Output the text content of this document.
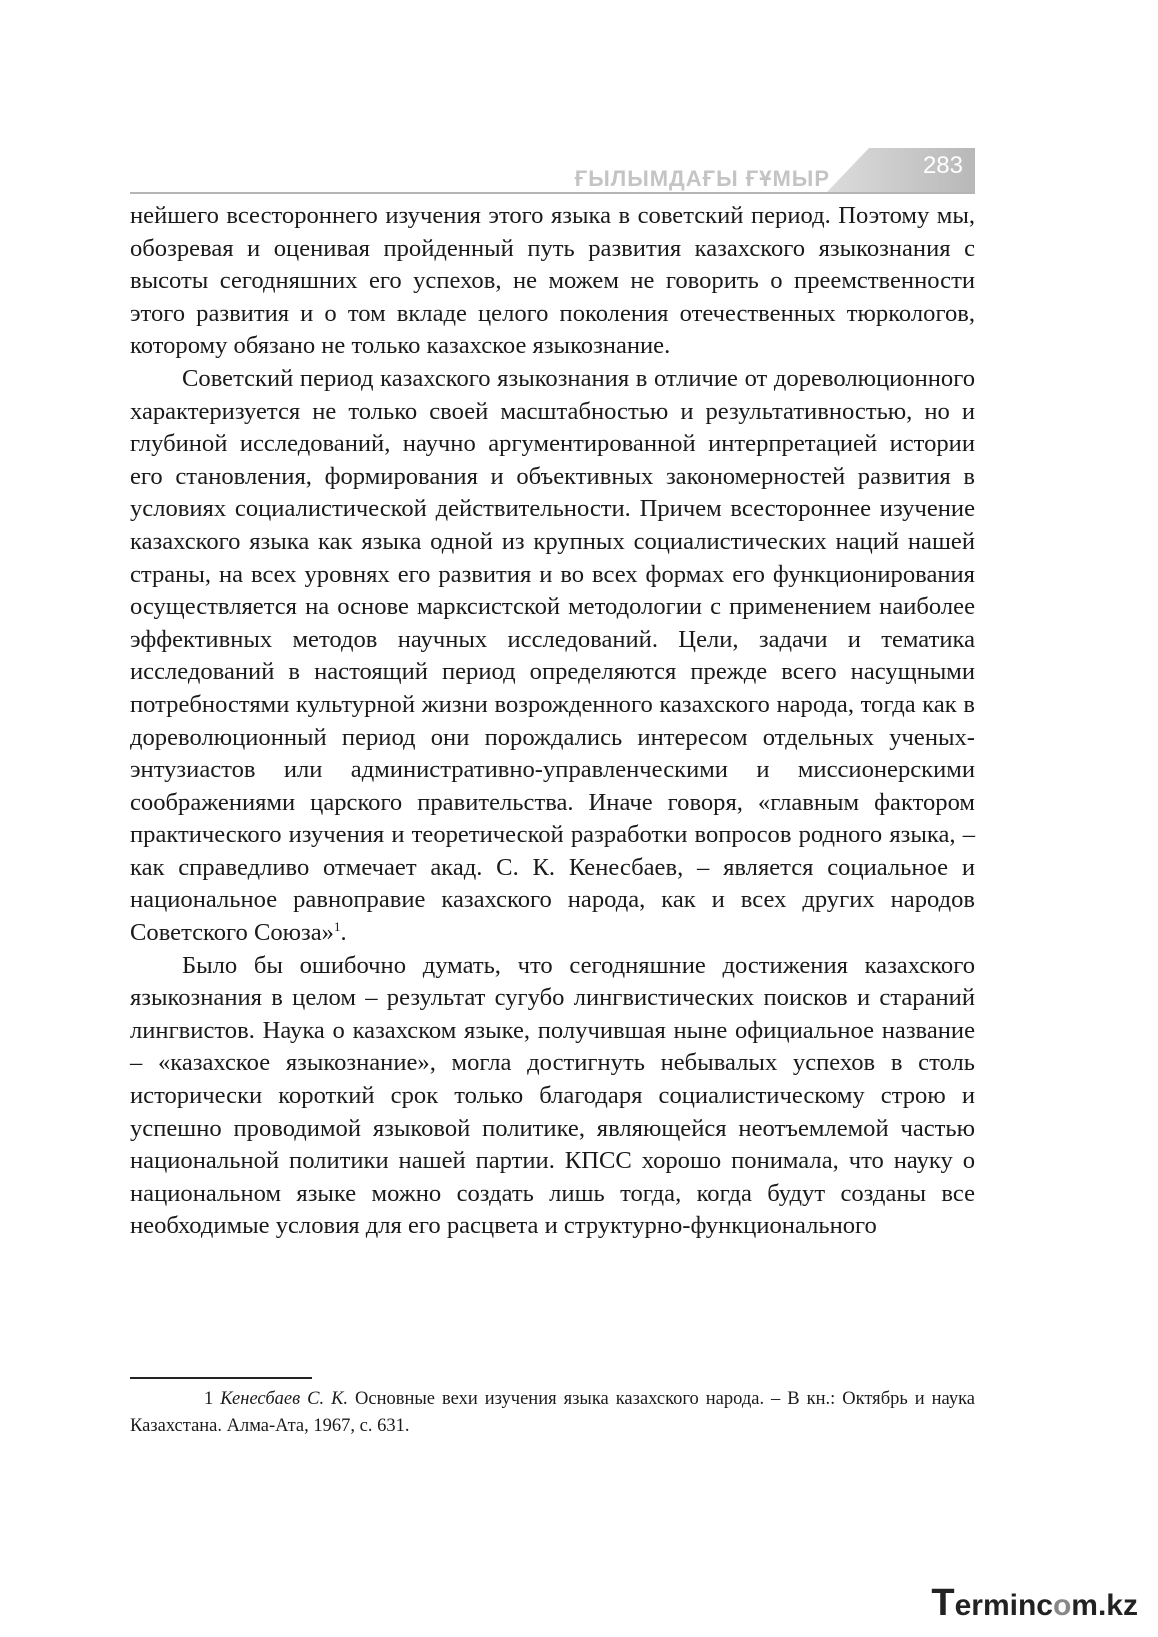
ҒЫЛЫМДАҒЫ ҒҰМЫР	283

нейшего всестороннего изучения этого языка в советский период. Поэтому мы, обозревая и оценивая пройденный путь развития казахского языкознания с высоты сегодняшних его успехов, не можем не говорить о преемственности этого развития и о том вкладе целого поколения отечественных тюркологов, которому обязано не только казахское языкознание.

Советский период казахского языкознания в отличие от дореволюционного характеризуется не только своей масштабностью и результативностью, но и глубиной исследований, научно аргументированной интерпретацией истории его становления, формирования и объективных закономерностей развития в условиях социалистической действительности. Причем всестороннее изучение казахского языка как языка одной из крупных социалистических наций нашей страны, на всех уровнях его развития и во всех формах его функционирования осуществляется на основе марксистской методологии с применением наиболее эффективных методов научных исследований. Цели, задачи и тематика исследований в настоящий период определяются прежде всего насущными потребностями культурной жизни возрожденного казахского народа, тогда как в дореволюционный период они порождались интересом отдельных ученых-энтузиастов или административно-управленческими и миссионерскими соображениями царского правительства. Иначе говоря, «главным фактором практического изучения и теоретической разработки вопросов родного языка, – как справедливо отмечает акад. С. К. Кенесбаев, – является социальное и национальное равноправие казахского народа, как и всех других народов Советского Союза»$^1$.

Было бы ошибочно думать, что сегодняшние достижения казахского языкознания в целом – результат сугубо лингвистических поисков и стараний лингвистов. Наука о казахском языке, получившая ныне официальное название – «казахское языкознание», могла достигнуть небывалых успехов в столь исторически короткий срок только благодаря социалистическому строю и успешно проводимой языковой политике, являющейся неотъемлемой частью национальной политики нашей партии. КПСС хорошо понимала, что науку о национальном языке можно создать лишь тогда, когда будут созданы все необходимые условия для его расцвета и структурно-функционального

1 Кенесбаев С. К. Основные вехи изучения языка казахского народа. – В кн.: Октябрь и наука Казахстана. Алма-Ата, 1967, с. 631.
Termincom.kz
